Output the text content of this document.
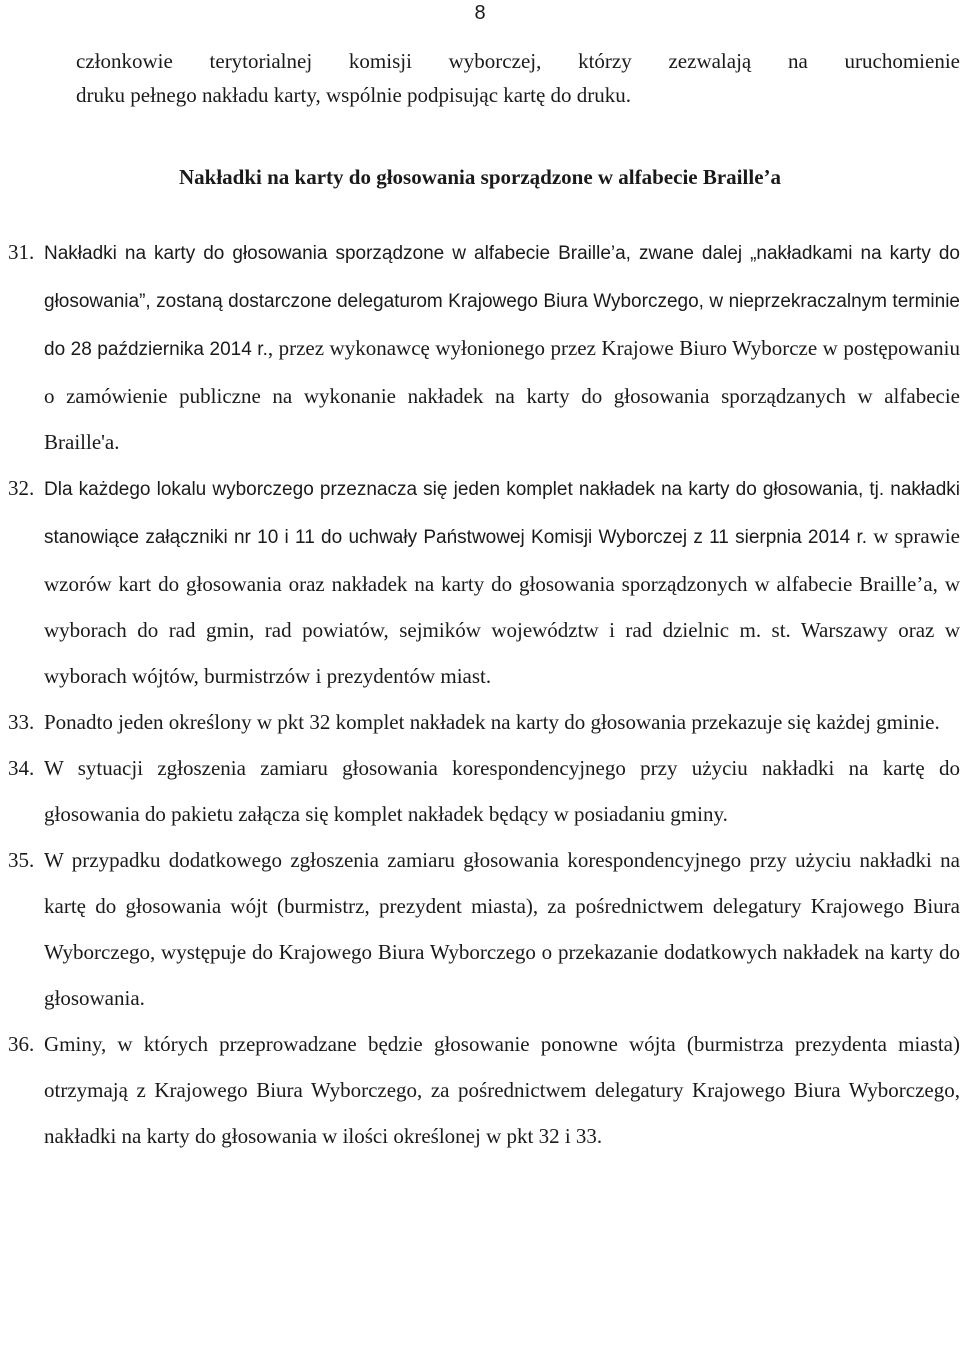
8

członkowie terytorialnej komisji wyborczej, którzy zezwalają na uruchomienie

druku pełnego nakładu karty, wspólnie podpisując kartę do druku.

Nakładki na karty do głosowania sporządzone w alfabecie Braille’a
31. Nakładki na karty do głosowania sporządzone w alfabecie Braille’a, zwane dalej „nakładkami na karty do głosowania”, zostaną dostarczone delegaturom Krajowego Biura Wyborczego, w nieprzekraczalnym terminie do 28 października 2014 r., przez wykonawcę wyłonionego przez Krajowe Biuro Wyborcze w postępowaniu o zamówienie publiczne na wykonanie nakładek na karty do głosowania sporządzanych w alfabecie Braille'a.
32. Dla każdego lokalu wyborczego przeznacza się jeden komplet nakładek na karty do głosowania, tj. nakładki stanowiące załączniki nr 10 i 11 do uchwały Państwowej Komisji Wyborczej z 11 sierpnia 2014 r. w sprawie wzorów kart do głosowania oraz nakładek na karty do głosowania sporządzonych w alfabecie Braille’a, w wyborach do rad gmin, rad powiatów, sejmików województw i rad dzielnic m. st. Warszawy oraz w wyborach wójtów, burmistrzów i prezydentów miast.
33. Ponadto jeden określony w pkt 32 komplet nakładek na karty do głosowania przekazuje się każdej gminie.
34. W sytuacji zgłoszenia zamiaru głosowania korespondencyjnego przy użyciu nakładki na kartę do głosowania do pakietu załącza się komplet nakładek będący w posiadaniu gminy.
35. W przypadku dodatkowego zgłoszenia zamiaru głosowania korespondencyjnego przy użyciu nakładki na kartę do głosowania wójt (burmistrz, prezydent miasta), za pośrednictwem delegatury Krajowego Biura Wyborczego, występuje do Krajowego Biura Wyborczego o przekazanie dodatkowych nakładek na karty do głosowania.
36. Gminy, w których przeprowadzane będzie głosowanie ponowne wójta (burmistrza prezydenta miasta) otrzymają z Krajowego Biura Wyborczego, za pośrednictwem delegatury Krajowego Biura Wyborczego, nakładki na karty do głosowania w ilości określonej w pkt 32 i 33.
